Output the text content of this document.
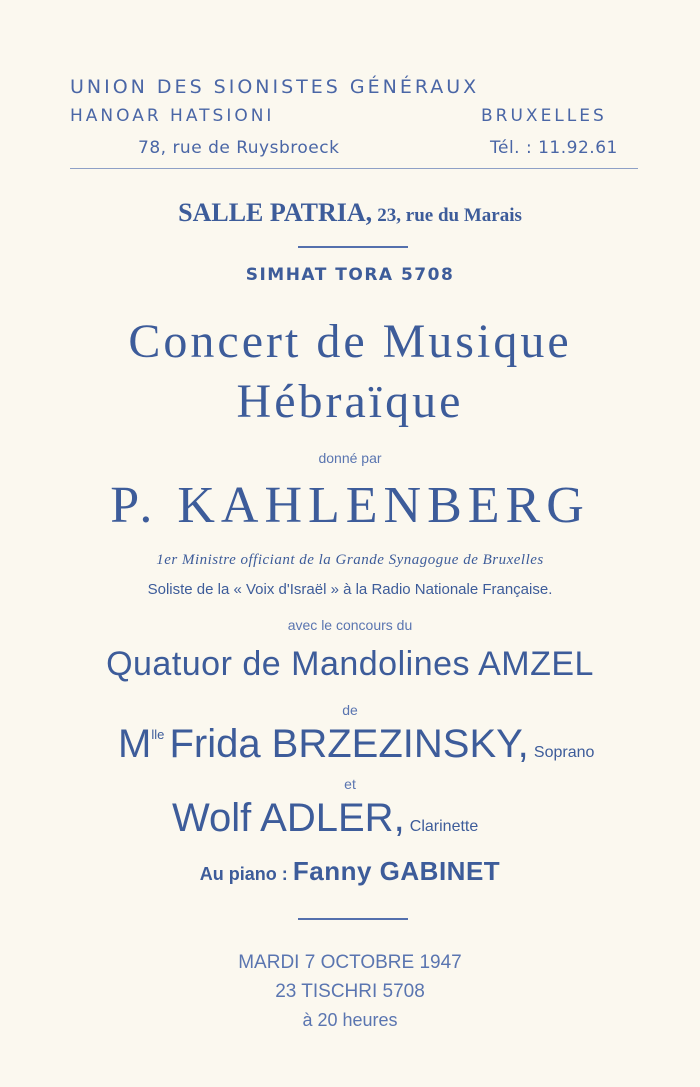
UNION DES SIONISTES GÉNÉRAUX
HANOAR HATSIONI	BRUXELLES
78, rue de Ruysbroeck	Tél. : 11.92.61
SALLE PATRIA, 23, rue du Marais
SIMHAT TORA 5708
Concert de Musique
Hébraïque
donné par
P. KAHLENBERG
1er Ministre officiant de la Grande Synagogue de Bruxelles
Soliste de la « Voix d'Israël » à la Radio Nationale Française.
avec le concours du
Quatuor de Mandolines AMZEL
de
$M^{lle}$ Frida BRZEZINSKY, Soprano
et
Wolf ADLER, Clarinette
Au piano : Fanny GABINET
MARDI 7 OCTOBRE 1947
23 TISCHRI 5708
à 20 heures
